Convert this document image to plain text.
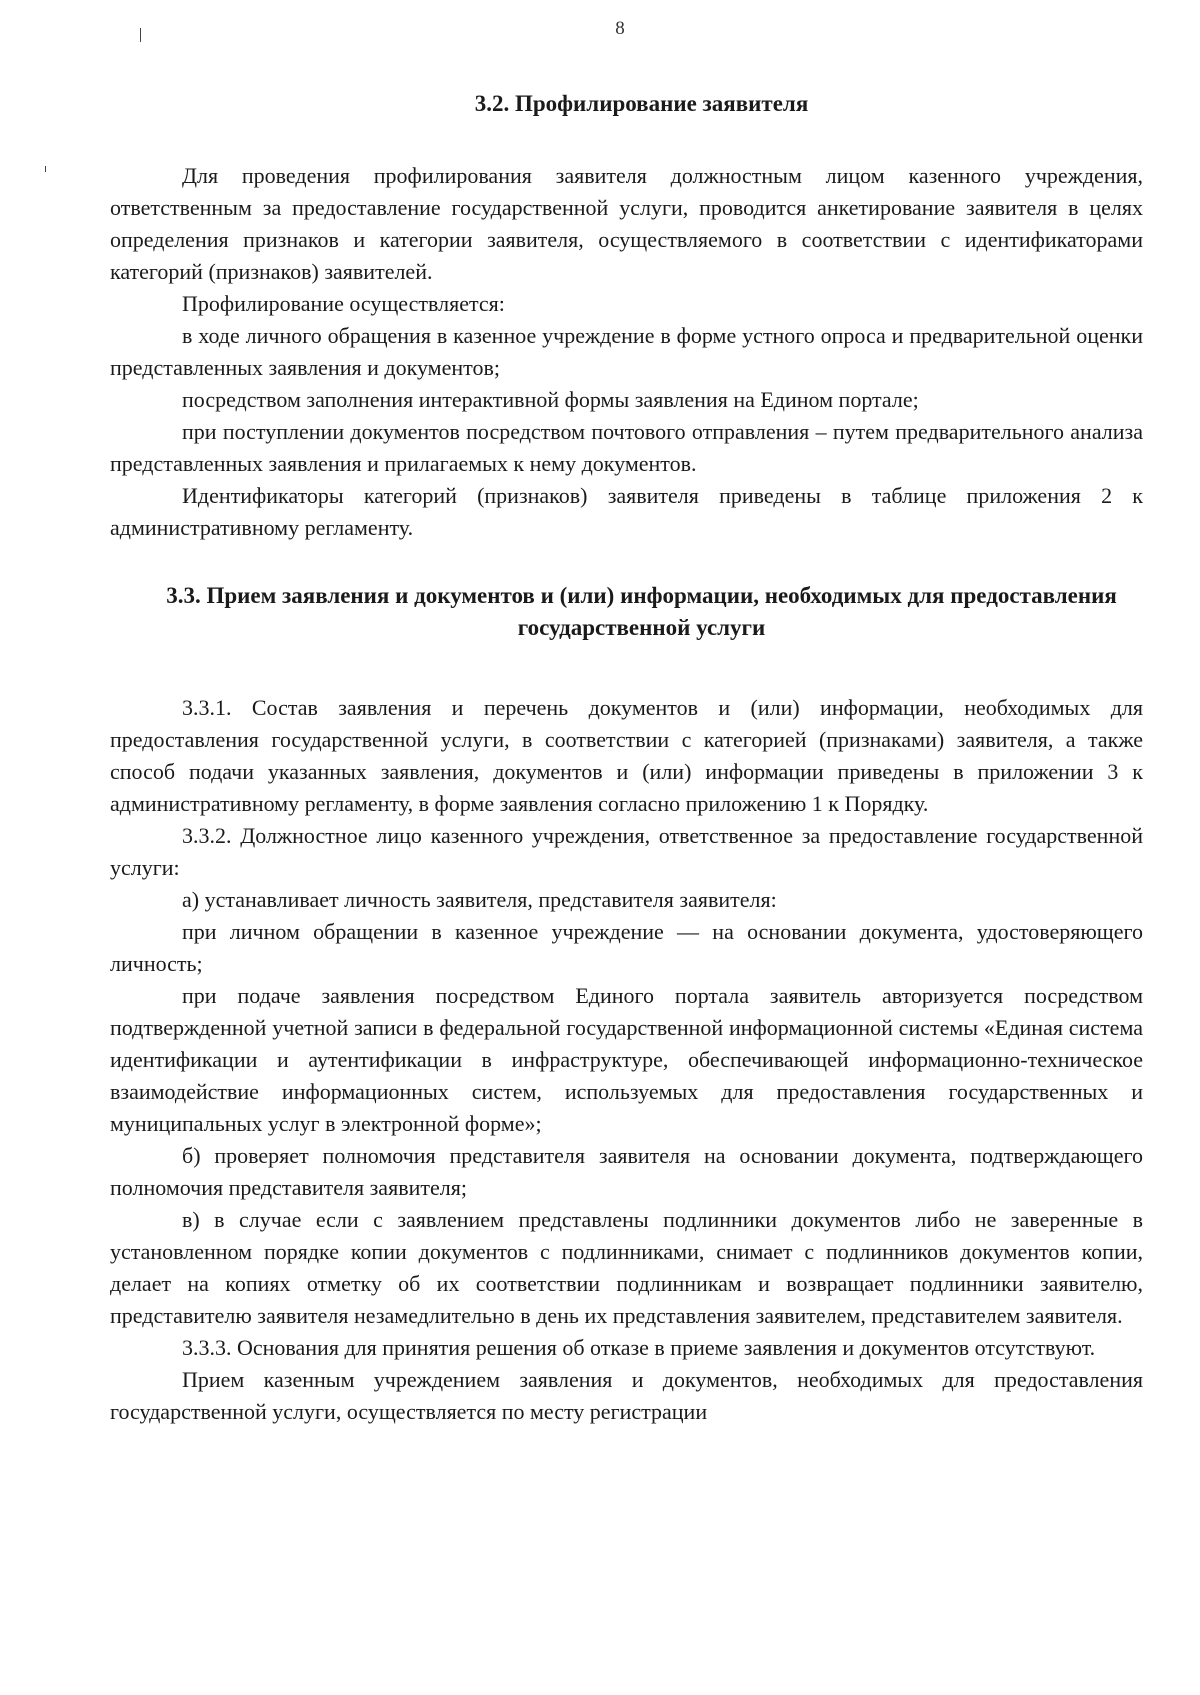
8
3.2. Профилирование заявителя

Для проведения профилирования заявителя должностным лицом казенного учреждения, ответственным за предоставление государственной услуги, проводится анкетирование заявителя в целях определения признаков и категории заявителя, осуществляемого в соответствии с идентификаторами категорий (признаков) заявителей.

Профилирование осуществляется:

в ходе личного обращения в казенное учреждение в форме устного опроса и предварительной оценки представленных заявления и документов;

посредством заполнения интерактивной формы заявления на Едином портале;

при поступлении документов посредством почтового отправления – путем предварительного анализа представленных заявления и прилагаемых к нему документов.

Идентификаторы категорий (признаков) заявителя приведены в таблице приложения 2 к административному регламенту.

3.3. Прием заявления и документов и (или) информации, необходимых для предоставления государственной услуги

3.3.1. Состав заявления и перечень документов и (или) информации, необходимых для предоставления государственной услуги, в соответствии с категорией (признаками) заявителя, а также способ подачи указанных заявления, документов и (или) информации приведены в приложении 3 к административному регламенту, в форме заявления согласно приложению 1 к Порядку.

3.3.2. Должностное лицо казенного учреждения, ответственное за предоставление государственной услуги:

а) устанавливает личность заявителя, представителя заявителя:

при личном обращении в казенное учреждение — на основании документа, удостоверяющего личность;

при подаче заявления посредством Единого портала заявитель авторизуется посредством подтвержденной учетной записи в федеральной государственной информационной системы «Единая система идентификации и аутентификации в инфраструктуре, обеспечивающей информационно-техническое взаимодействие информационных систем, используемых для предоставления государственных и муниципальных услуг в электронной форме»;

б) проверяет полномочия представителя заявителя на основании документа, подтверждающего полномочия представителя заявителя;

в) в случае если с заявлением представлены подлинники документов либо не заверенные в установленном порядке копии документов с подлинниками, снимает с подлинников документов копии, делает на копиях отметку об их соответствии подлинникам и возвращает подлинники заявителю, представителю заявителя незамедлительно в день их представления заявителем, представителем заявителя.

3.3.3. Основания для принятия решения об отказе в приеме заявления и документов отсутствуют.

Прием казенным учреждением заявления и документов, необходимых для предоставления государственной услуги, осуществляется по месту регистрации
